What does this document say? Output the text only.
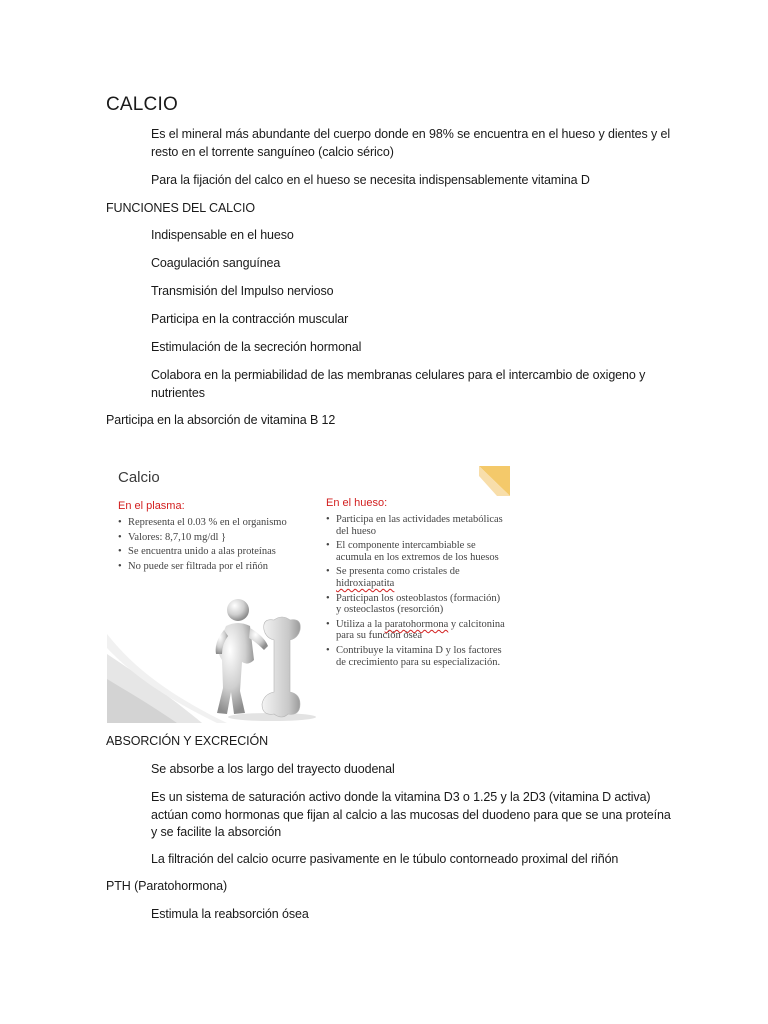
CALCIO
Es el mineral más abundante del cuerpo donde en 98% se encuentra en el hueso y dientes y el resto en el torrente sanguíneo (calcio sérico)
Para la fijación del calco en el hueso se necesita indispensablemente vitamina D
FUNCIONES DEL CALCIO
Indispensable en el hueso
Coagulación sanguínea
Transmisión del Impulso nervioso
Participa en la contracción muscular
Estimulación de la secreción hormonal
Colabora en la permiabilidad de las membranas celulares para el intercambio de oxigeno y nutrientes
Participa en la absorción de vitamina B 12
Calcio
En el plasma:
• Representa el 0.03 % en el organismo
• Valores: 8,7,10 mg/dl }
• Se encuentra unido a alas proteínas
• No puede ser filtrada por el riñón
En el hueso:
• Participa en las actividades metabólicas del hueso
• El componente intercambiable se acumula en los extremos de los huesos
• Se presenta como cristales de hidroxiapatita
• Participan los osteoblastos (formación) y osteoclastos (resorción)
• Utiliza a la paratohormona y calcitonina para su función ósea
• Contribuye la vitamina D y los factores de crecimiento para su especialización.
ABSORCIÓN Y EXCRECIÓN
Se absorbe a los largo del trayecto duodenal
Es un sistema de saturación activo donde la vitamina D3 o 1.25 y la 2D3 (vitamina D activa) actúan como hormonas que fijan al calcio a las mucosas del duodeno para que se una proteína y se facilite la absorción
La filtración del calcio ocurre pasivamente en le túbulo contorneado proximal del riñón
PTH (Paratohormona)
Estimula la reabsorción ósea
